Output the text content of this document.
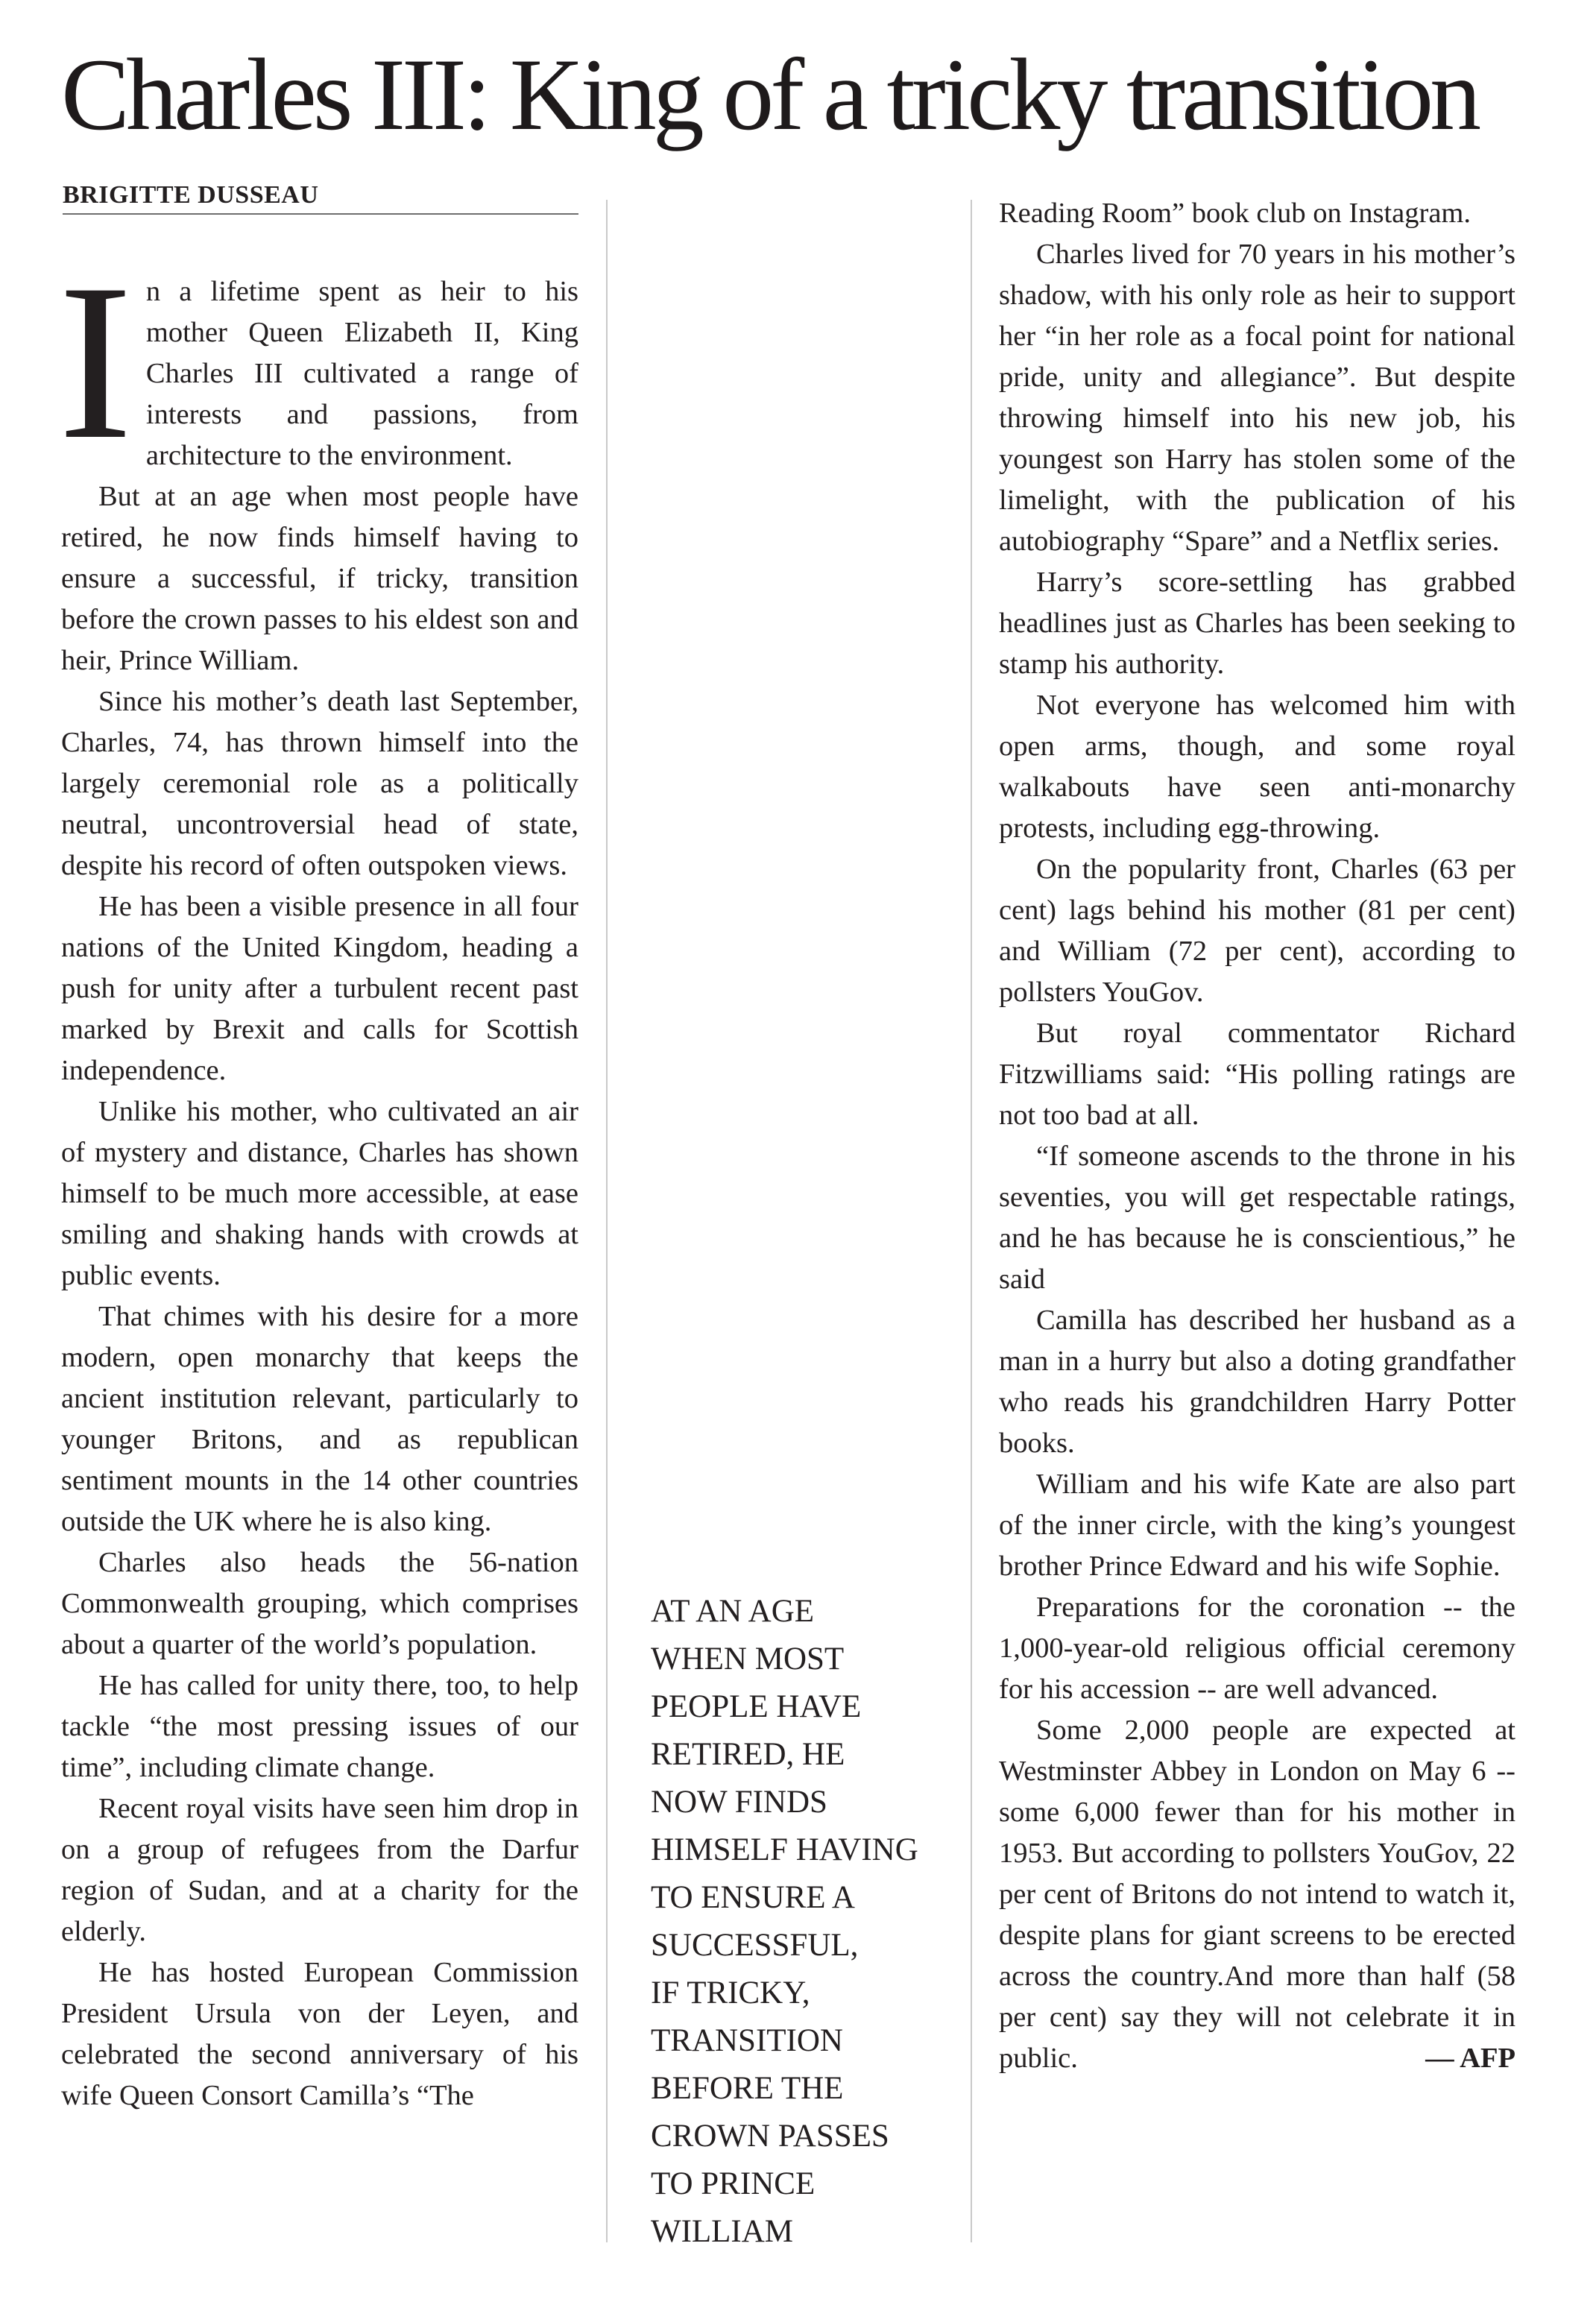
Charles III: King of a tricky transition
BRIGITTE DUSSEAU

In a lifetime spent as heir to his mother Queen Elizabeth II, King Charles III cultivated a range of interests and passions, from architecture to the environment.

But at an age when most people have retired, he now finds himself having to ensure a successful, if tricky, transition before the crown passes to his eldest son and heir, Prince William.

Since his mother’s death last September, Charles, 74, has thrown himself into the largely ceremonial role as a politically neutral, uncontroversial head of state, despite his record of often outspoken views.

He has been a visible presence in all four nations of the United Kingdom, heading a push for unity after a turbulent recent past marked by Brexit and calls for Scottish independence.

Unlike his mother, who cultivated an air of mystery and distance, Charles has shown himself to be much more accessible, at ease smiling and shaking hands with crowds at public events.

That chimes with his desire for a more modern, open monarchy that keeps the ancient institution relevant, particularly to younger Britons, and as republican sentiment mounts in the 14 other countries outside the UK where he is also king.

Charles also heads the 56-nation Commonwealth grouping, which comprises about a quarter of the world’s population.

He has called for unity there, too, to help tackle “the most pressing issues of our time”, including climate change.

Recent royal visits have seen him drop in on a group of refugees from the Darfur region of Sudan, and at a charity for the elderly.

He has hosted European Commission President Ursula von der Leyen, and celebrated the second anniversary of his wife Queen Consort Camilla’s “The

AT AN AGE
WHEN MOST
PEOPLE HAVE
RETIRED, HE
NOW FINDS
HIMSELF HAVING
TO ENSURE A
SUCCESSFUL,
IF TRICKY,
TRANSITION
BEFORE THE
CROWN PASSES
TO PRINCE
WILLIAM

Reading Room” book club on Instagram.

Charles lived for 70 years in his mother’s shadow, with his only role as heir to support her “in her role as a focal point for national pride, unity and allegiance”. But despite throwing himself into his new job, his youngest son Harry has stolen some of the limelight, with the publication of his autobiography “Spare” and a Netflix series.

Harry’s score-settling has grabbed headlines just as Charles has been seeking to stamp his authority.

Not everyone has welcomed him with open arms, though, and some royal walkabouts have seen anti-monarchy protests, including egg-throwing.

On the popularity front, Charles (63 per cent) lags behind his mother (81 per cent) and William (72 per cent), according to pollsters YouGov.

But royal commentator Richard Fitzwilliams said: “His polling ratings are not too bad at all.

“If someone ascends to the throne in his seventies, you will get respectable ratings, and he has because he is conscientious,” he said

Camilla has described her husband as a man in a hurry but also a doting grandfather who reads his grandchildren Harry Potter books.

William and his wife Kate are also part of the inner circle, with the king’s youngest brother Prince Edward and his wife Sophie.

Preparations for the coronation -- the 1,000-year-old religious official ceremony for his accession -- are well advanced.

Some 2,000 people are expected at Westminster Abbey in London on May 6 -- some 6,000 fewer than for his mother in 1953. But according to pollsters YouGov, 22 per cent of Britons do not intend to watch it, despite plans for giant screens to be erected across the country.And more than half (58 per cent) say they will not celebrate it in public.	— AFP
